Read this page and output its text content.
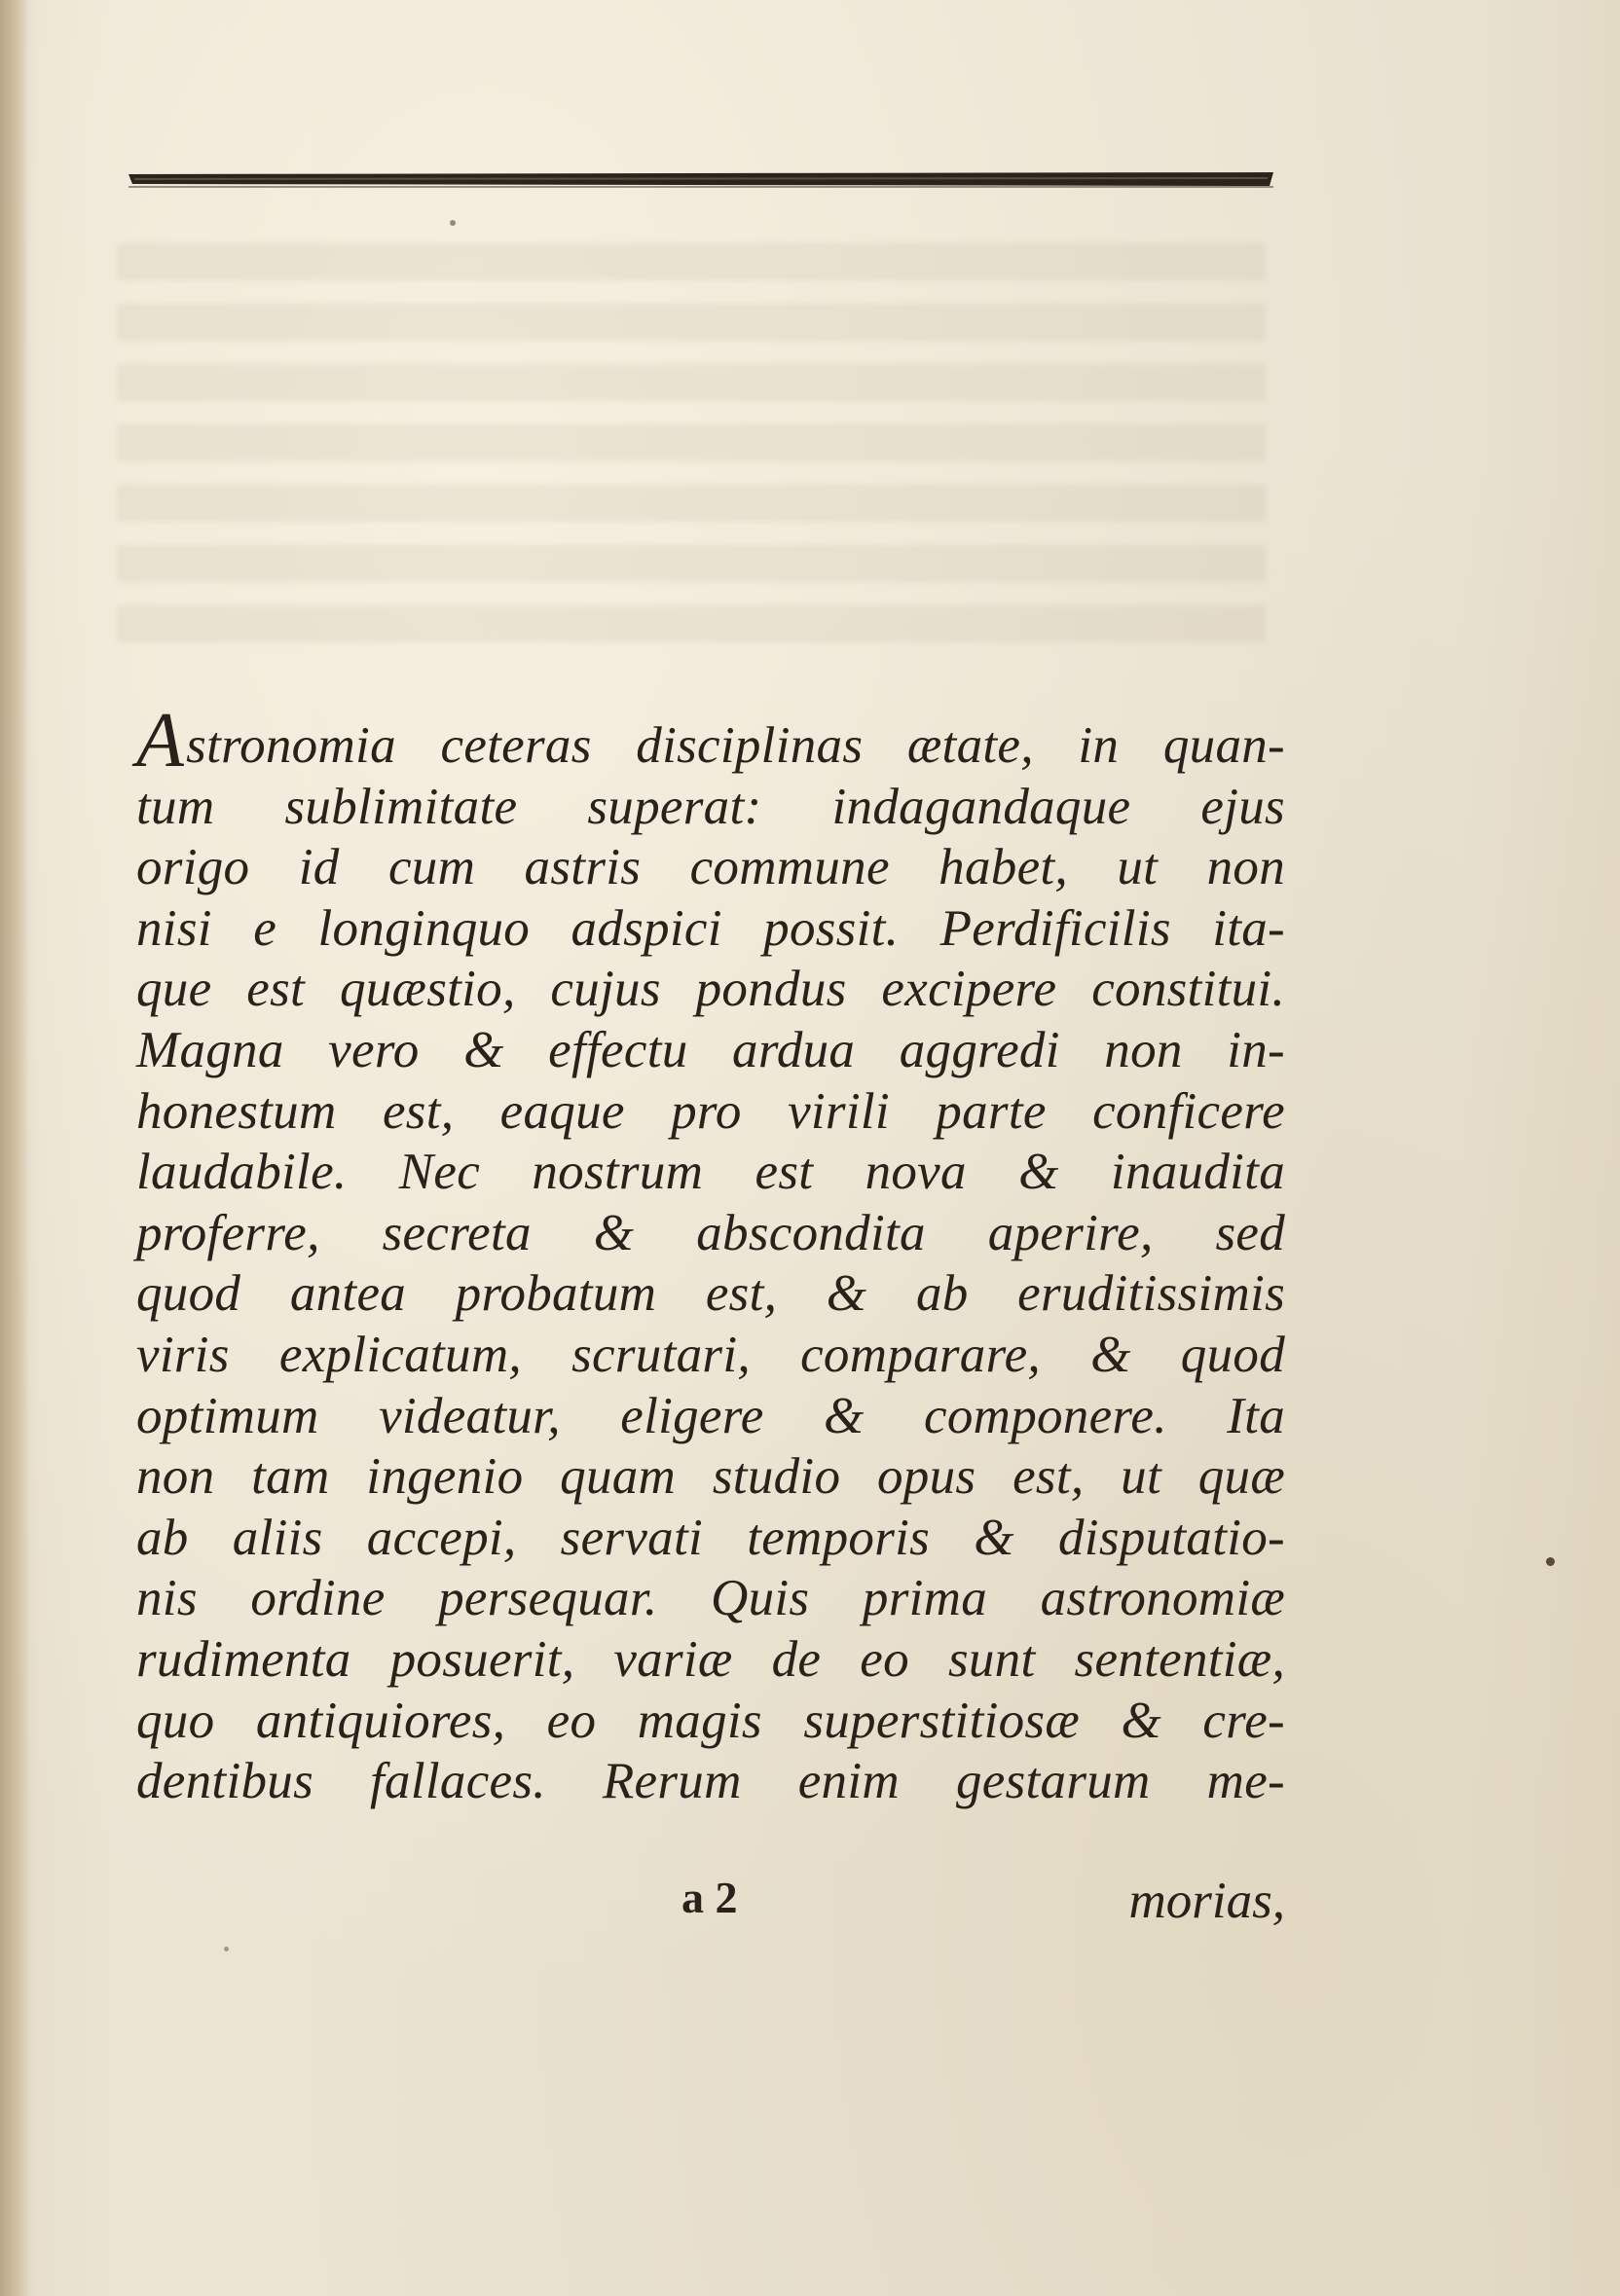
Astronomia ceteras disciplinas ætate, in quan-
tum sublimitate superat: indagandaque ejus
origo id cum astris commune habet, ut non
nisi e longinquo adspici possit. Perdificilis ita-
que est quæstio, cujus pondus excipere constitui.
Magna vero & effectu ardua aggredi non in-
honestum est, eaque pro virili parte conficere
laudabile. Nec nostrum est nova & inaudita
proferre, secreta & abscondita aperire, sed
quod antea probatum est, & ab eruditissimis
viris explicatum, scrutari, comparare, & quod
optimum videatur, eligere & componere. Ita
non tam ingenio quam studio opus est, ut quæ
ab aliis accepi, servati temporis & disputatio-
nis ordine persequar. Quis prima astronomiæ
rudimenta posuerit, variæ de eo sunt sententiæ,
quo antiquiores, eo magis superstitiosæ & cre-
dentibus fallaces. Rerum enim gestarum me-
a 2	morias,
